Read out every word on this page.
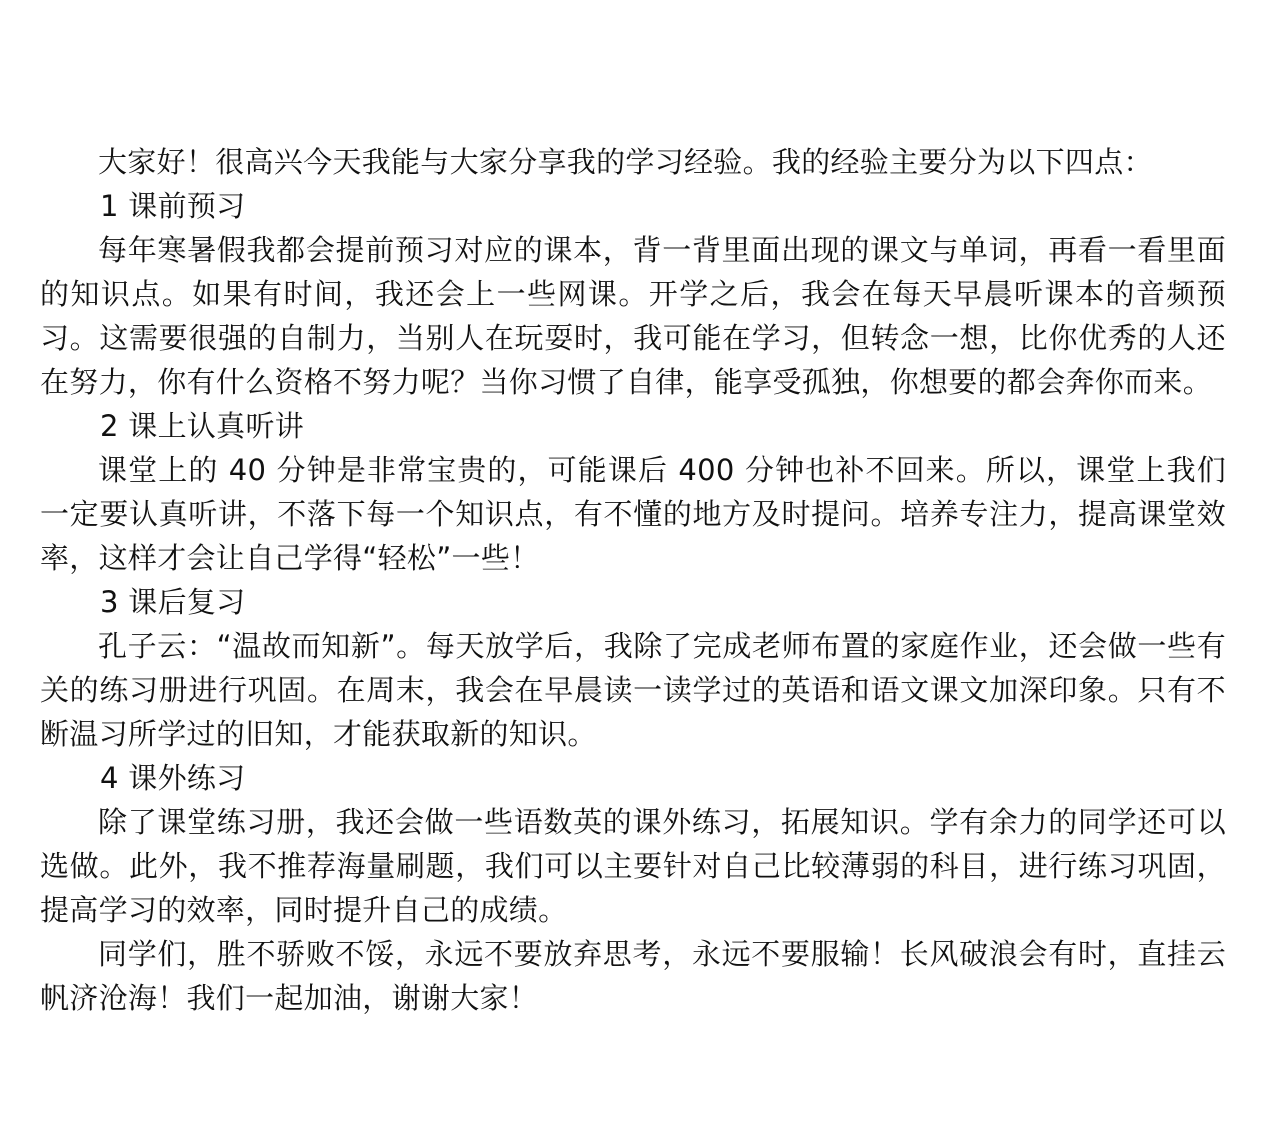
大家好！很高兴今天我能与大家分享我的学习经验。我的经验主要分为以下四点：

1 课前预习

每年寒暑假我都会提前预习对应的课本，背一背里面出现的课文与单词，再看一看里面的知识点。如果有时间，我还会上一些网课。开学之后，我会在每天早晨听课本的音频预习。这需要很强的自制力，当别人在玩耍时，我可能在学习，但转念一想，比你优秀的人还在努力，你有什么资格不努力呢？当你习惯了自律，能享受孤独，你想要的都会奔你而来。

2 课上认真听讲

课堂上的 40 分钟是非常宝贵的，可能课后 400 分钟也补不回来。所以，课堂上我们一定要认真听讲，不落下每一个知识点，有不懂的地方及时提问。培养专注力，提高课堂效率，这样才会让自己学得“轻松”一些！

3 课后复习

孔子云：“温故而知新”。每天放学后，我除了完成老师布置的家庭作业，还会做一些有关的练习册进行巩固。在周末，我会在早晨读一读学过的英语和语文课文加深印象。只有不断温习所学过的旧知，才能获取新的知识。

4 课外练习

除了课堂练习册，我还会做一些语数英的课外练习，拓展知识。学有余力的同学还可以选做。此外，我不推荐海量刷题，我们可以主要针对自己比较薄弱的科目，进行练习巩固，提高学习的效率，同时提升自己的成绩。

同学们，胜不骄败不馁，永远不要放弃思考，永远不要服输！长风破浪会有时，直挂云帆济沧海！我们一起加油，谢谢大家！
